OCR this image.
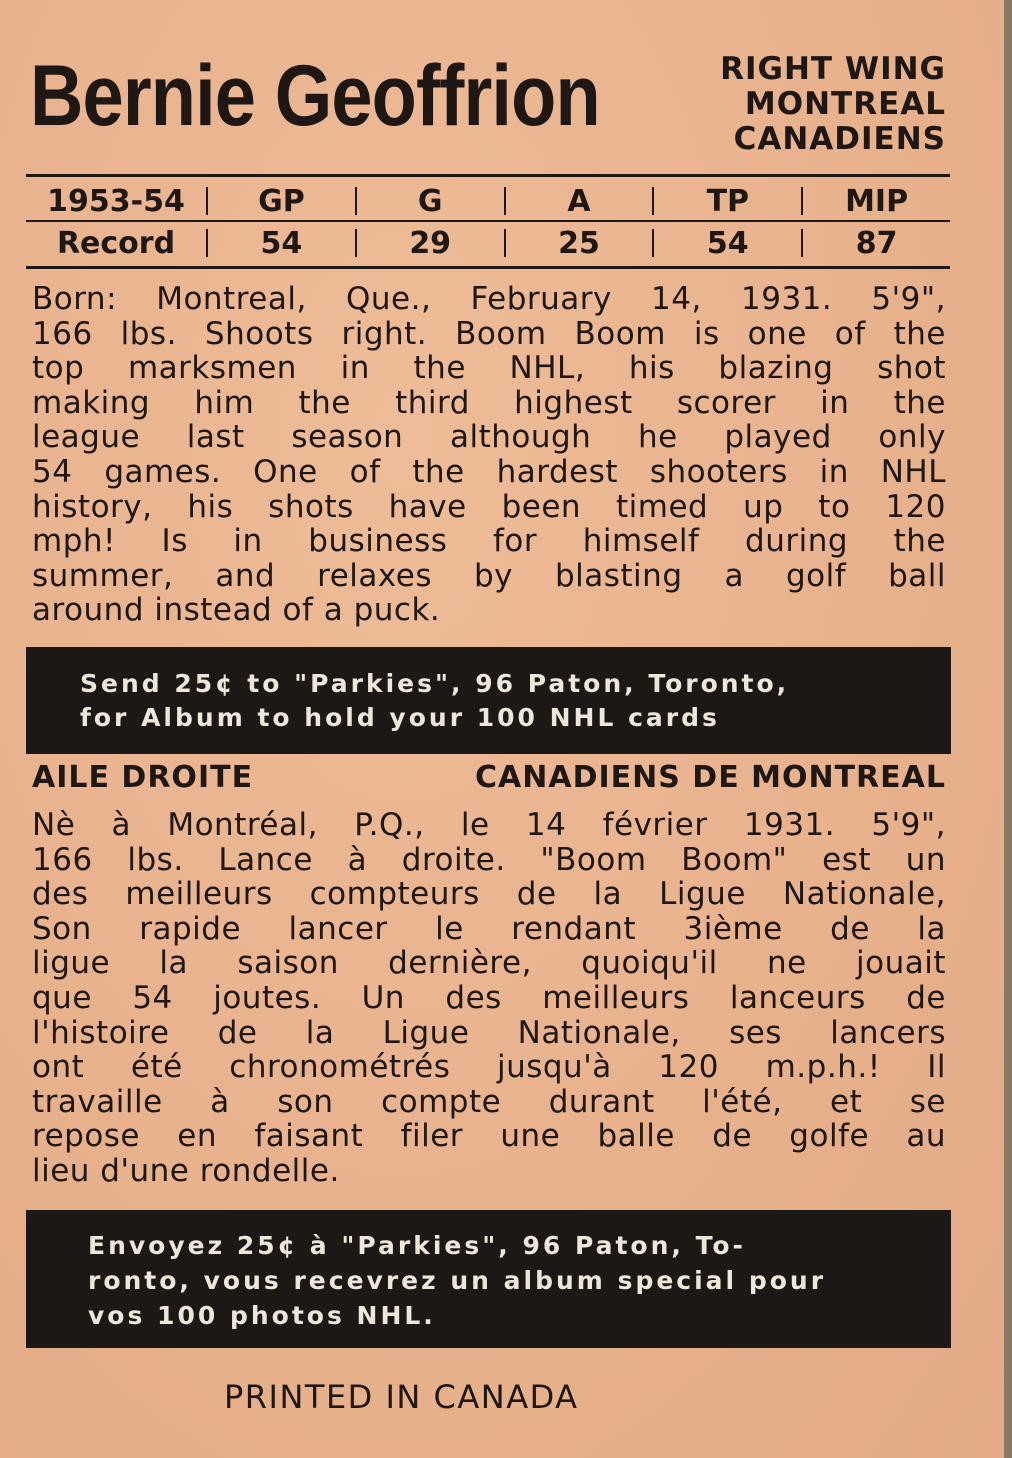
Bernie Geoffrion	RIGHT WING
MONTREAL
CANADIENS
1953-54	GP	G	A	TP	MIP
Record	54	29	25	54	87
Born: Montreal, Que., February 14, 1931. 5'9",
166 lbs. Shoots right. Boom Boom is one of the
top marksmen in the NHL, his blazing shot
making him the third highest scorer in the
league last season although he played only
54 games. One of the hardest shooters in NHL
history, his shots have been timed up to 120
mph! Is in business for himself during the
summer, and relaxes by blasting a golf ball
around instead of a puck.
Send 25¢ to "Parkies", 96 Paton, Toronto,
for Album to hold your 100 NHL cards
AILE DROITE	CANADIENS DE MONTREAL
Nè à Montréal, P.Q., le 14 février 1931. 5'9",
166 lbs. Lance à droite. "Boom Boom" est un
des meilleurs compteurs de la Ligue Nationale,
Son rapide lancer le rendant 3ième de la
ligue la saison dernière, quoiqu'il ne jouait
que 54 joutes. Un des meilleurs lanceurs de
l'histoire de la Ligue Nationale, ses lancers
ont été chronométrés jusqu'à 120 m.p.h.! Il
travaille à son compte durant l'été, et se
repose en faisant filer une balle de golfe au
lieu d'une rondelle.
Envoyez 25¢ à "Parkies", 96 Paton, To-
ronto, vous recevrez un album special pour
vos 100 photos NHL.
PRINTED IN CANADA
